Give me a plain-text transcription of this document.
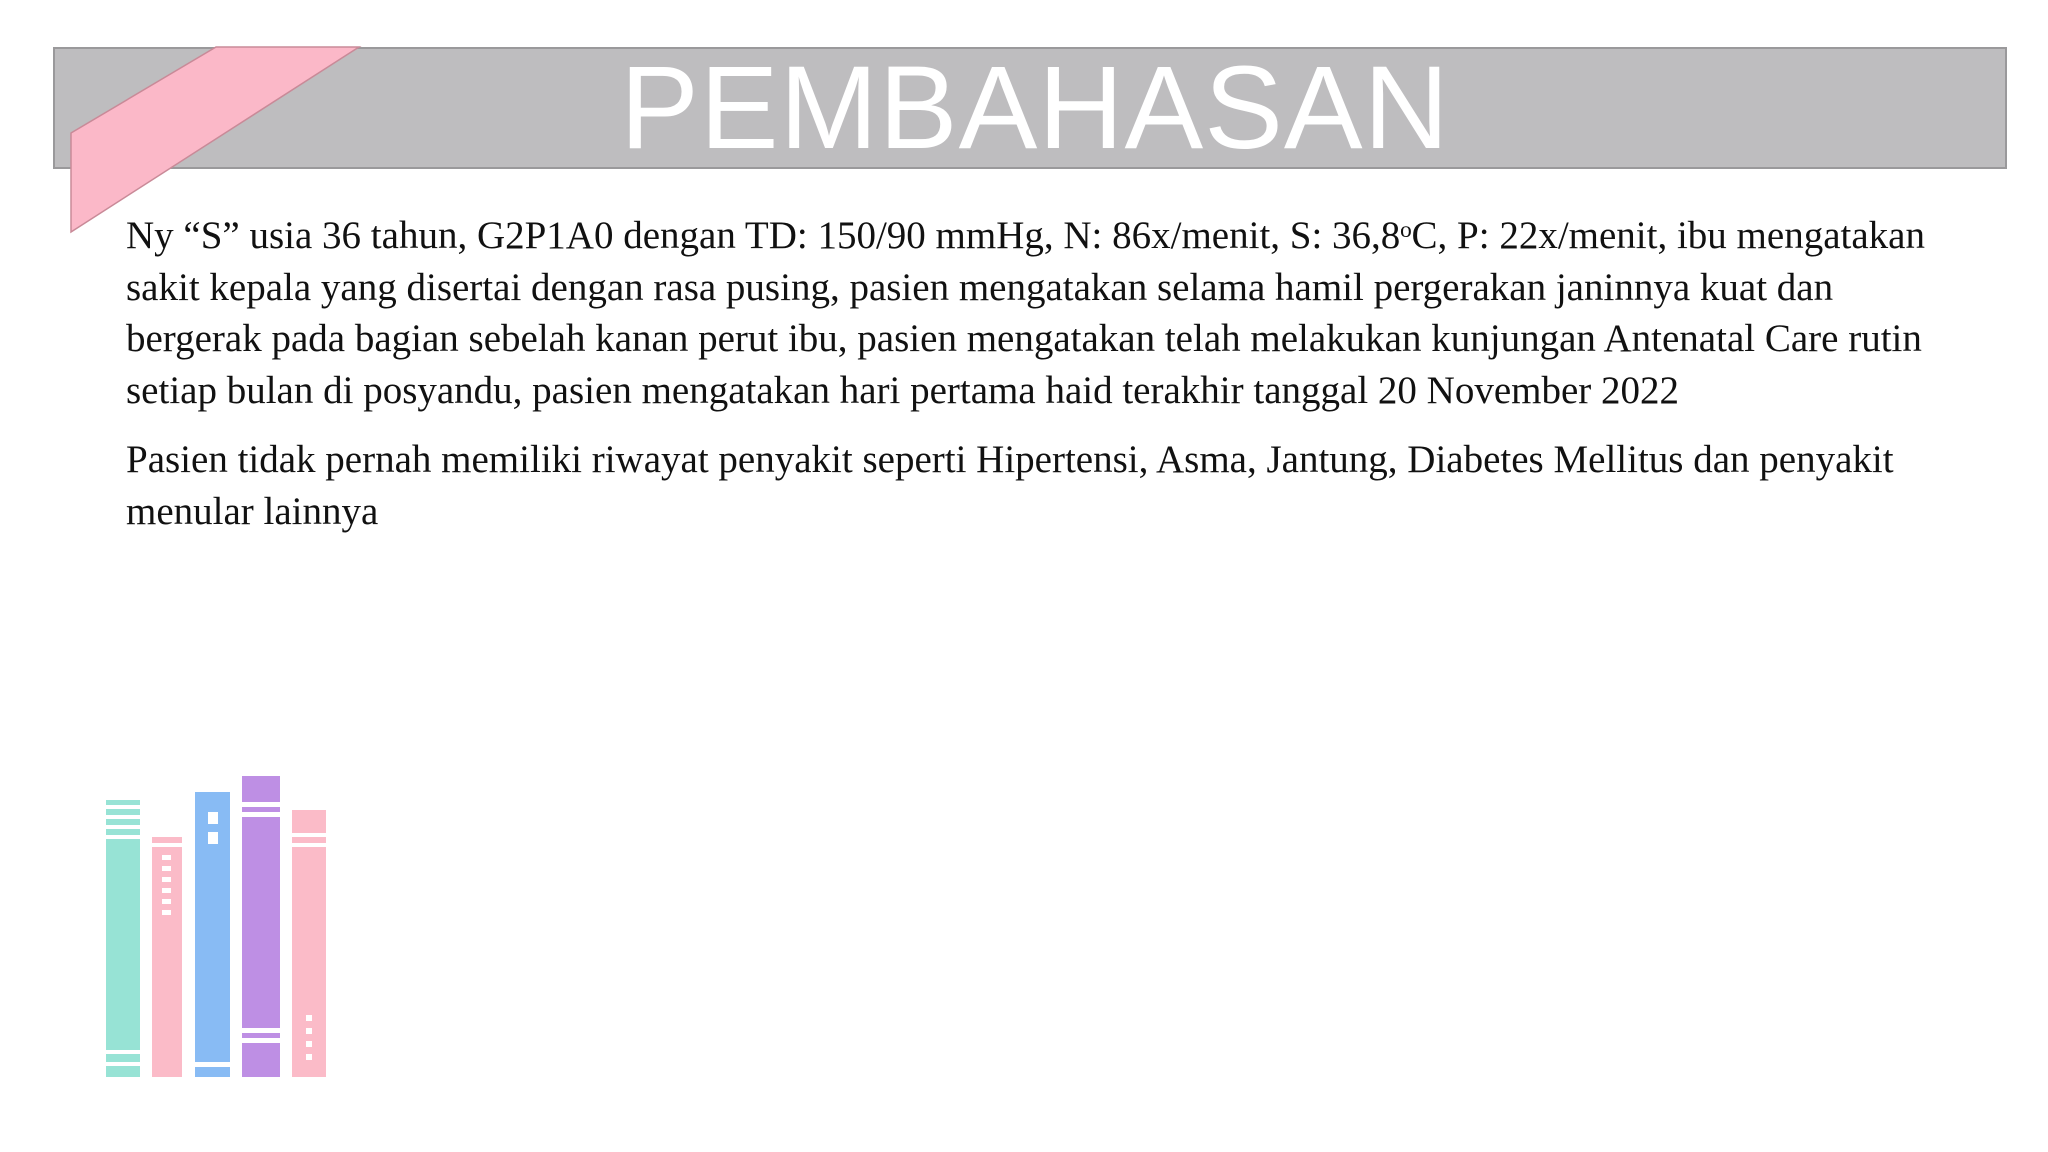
PEMBAHASAN

Ny “S” usia 36 tahun, G2P1A0 dengan TD: 150/90 mmHg, N: 86x/menit, S: 36,8ᵒC, P: 22x/menit, ibu mengatakan sakit kepala yang disertai dengan rasa pusing, pasien mengatakan selama hamil pergerakan janinnya kuat dan bergerak pada bagian sebelah kanan perut ibu, pasien mengatakan telah melakukan kunjungan Antenatal Care rutin setiap bulan di posyandu, pasien mengatakan hari pertama haid terakhir tanggal 20 November 2022

Pasien tidak pernah memiliki riwayat penyakit seperti Hipertensi, Asma, Jantung, Diabetes Mellitus dan penyakit menular lainnya
